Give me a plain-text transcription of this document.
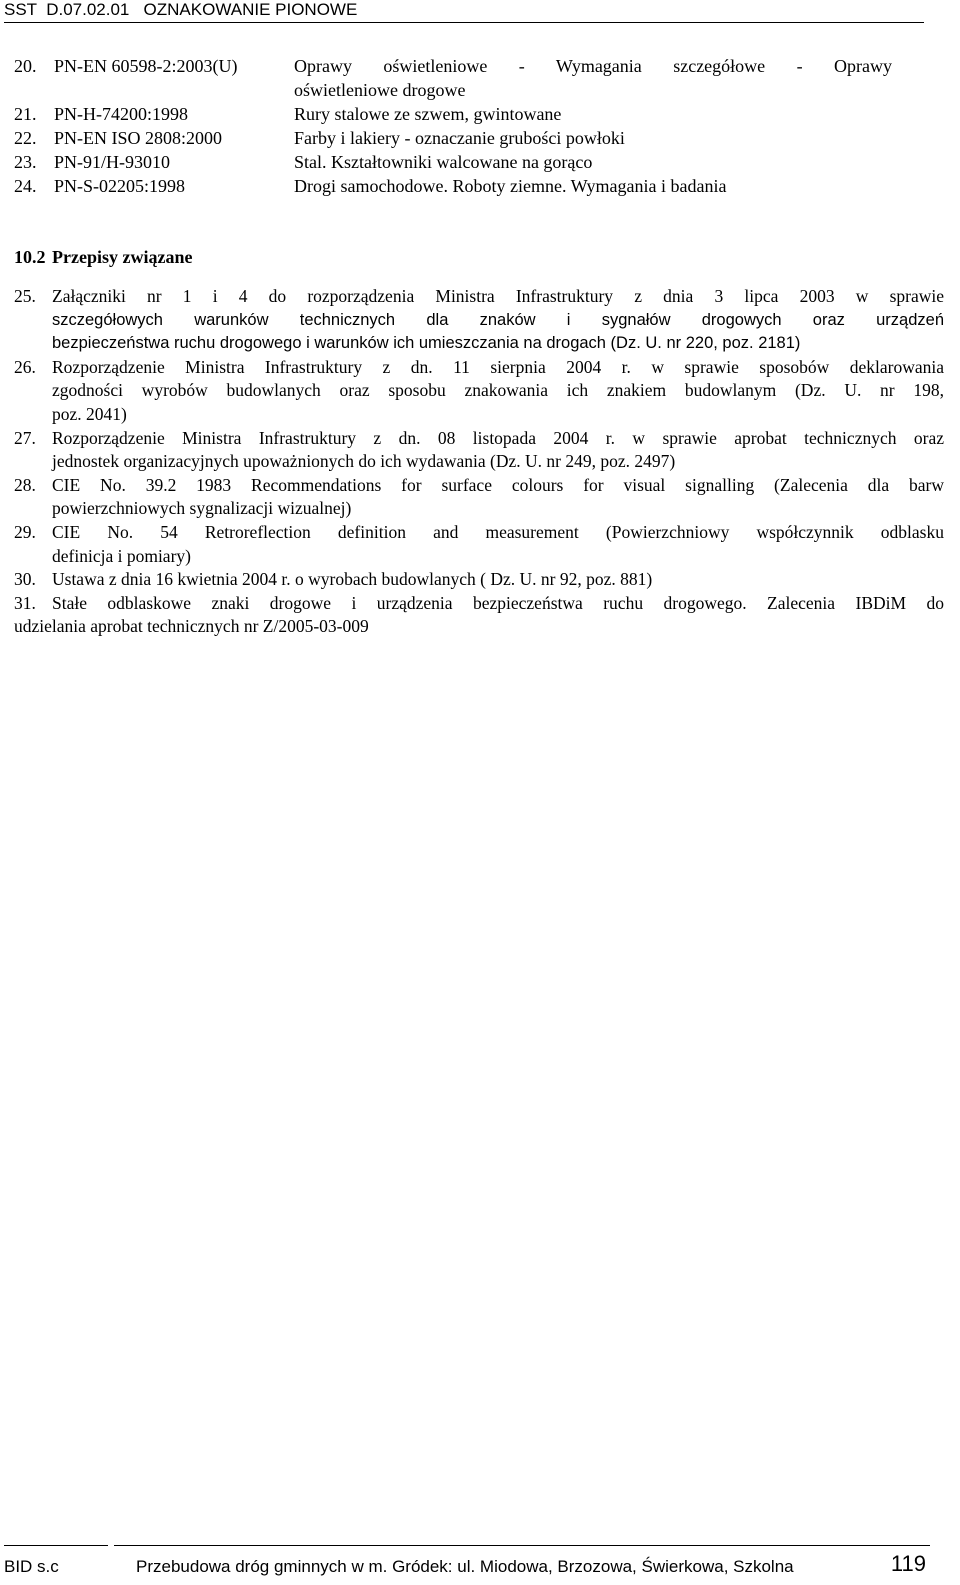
SST  D.07.02.01   OZNAKOWANIE PIONOWE
20. PN-EN 60598-2:2003(U)	Oprawy oświetleniowe - Wymagania szczegółowe - Oprawy
oświetleniowe drogowe
21. PN-H-74200:1998	Rury stalowe ze szwem, gwintowane
22. PN-EN ISO 2808:2000	Farby i lakiery - oznaczanie grubości powłoki
23. PN-91/H-93010	Stal. Kształtowniki walcowane na gorąco
24. PN-S-02205:1998	Drogi samochodowe. Roboty ziemne. Wymagania i badania
10.2 Przepisy związane
25. Załączniki nr 1 i 4 do rozporządzenia Ministra Infrastruktury z dnia 3 lipca 2003 w sprawie
szczegółowych warunków technicznych dla znaków i sygnałów drogowych oraz urządzeń
bezpieczeństwa ruchu drogowego i warunków ich umieszczania na drogach (Dz. U. nr 220, poz. 2181)
26. Rozporządzenie Ministra Infrastruktury z dn. 11 sierpnia 2004 r. w sprawie sposobów deklarowania
zgodności wyrobów budowlanych oraz sposobu znakowania ich znakiem budowlanym (Dz. U. nr 198,
poz. 2041)
27. Rozporządzenie Ministra Infrastruktury z dn. 08 listopada 2004 r. w sprawie aprobat technicznych oraz
jednostek organizacyjnych upoważnionych do ich wydawania (Dz. U. nr 249, poz. 2497)
28. CIE No. 39.2 1983 Recommendations for surface colours for visual signalling (Zalecenia dla barw
powierzchniowych sygnalizacji wizualnej)
29. CIE No. 54 Retroreflection definition and measurement (Powierzchniowy współczynnik odblasku
definicja i pomiary)
30. Ustawa z dnia 16 kwietnia 2004 r. o wyrobach budowlanych ( Dz. U. nr 92, poz. 881)
31. Stałe odblaskowe znaki drogowe i urządzenia bezpieczeństwa ruchu drogowego. Zalecenia IBDiM do
udzielania aprobat technicznych nr Z/2005-03-009
BID s.c	Przebudowa dróg gminnych w m. Gródek: ul. Miodowa, Brzozowa, Świerkowa, Szkolna	119
